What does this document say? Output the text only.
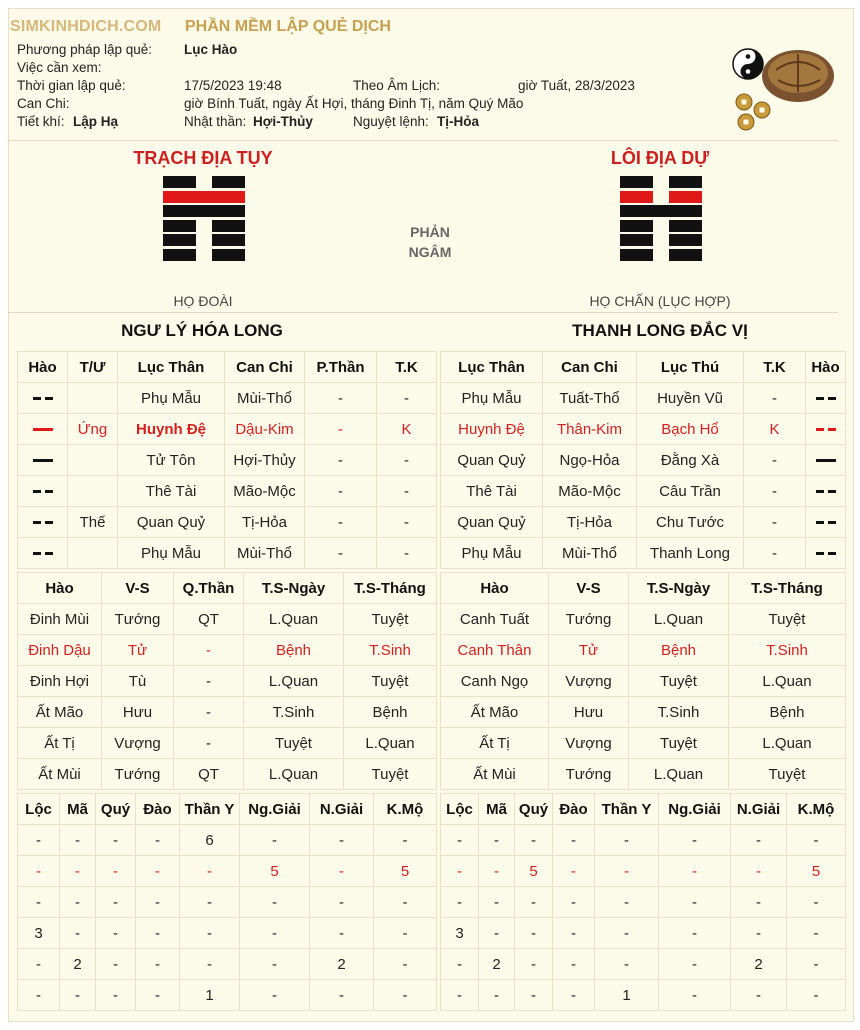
SIMKINHDICH.COM PHẦN MỀM LẬP QUẺ DỊCH
Phương pháp lập quẻ: Lục Hào
Việc cần xem:
Thời gian lập quẻ:	17/5/2023 19:48	Theo Âm Lịch:	giờ Tuất, 28/3/2023
Can Chi:	giờ Bính Tuất, ngày Ất Hợi, tháng Đinh Tị, năm Quý Mão
Tiết khí: Lập Hạ	Nhật thần: Hợi-Thủy	Nguyệt lệnh: Tị-Hỏa
TRẠCH ĐỊA TỤY	LÔI ĐỊA DỰ
PHẢN
NGÂM
HỌ ĐOÀI	HỌ CHẤN (LỤC HỢP)
NGƯ LÝ HÓA LONG	THANH LONG ĐẮC VỊ
Hào	T/Ư	Lục Thân	Can Chi	P.Thần	T.K
		Phụ Mẫu	Mùi-Thổ	-	-
	Ứng	Huynh Đệ	Dậu-Kim	-	K
		Tử Tôn	Hợi-Thủy	-	-
		Thê Tài	Mão-Mộc	-	-
	Thế	Quan Quỷ	Tị-Hỏa	-	-
		Phụ Mẫu	Mùi-Thổ	-	-
Lục Thân	Can Chi	Lục Thú	T.K	Hào
Phụ Mẫu	Tuất-Thổ	Huyền Vũ	-	
Huynh Đệ	Thân-Kim	Bạch Hổ	K	
Quan Quỷ	Ngọ-Hỏa	Đằng Xà	-	
Thê Tài	Mão-Mộc	Câu Trần	-	
Quan Quỷ	Tị-Hỏa	Chu Tước	-	
Phụ Mẫu	Mùi-Thổ	Thanh Long	-	
Hào	V-S	Q.Thần	T.S-Ngày	T.S-Tháng
Đinh Mùi	Tướng	QT	L.Quan	Tuyệt
Đinh Dậu	Tử	-	Bệnh	T.Sinh
Đinh Hợi	Tù	-	L.Quan	Tuyệt
Ất Mão	Hưu	-	T.Sinh	Bệnh
Ất Tị	Vượng	-	Tuyệt	L.Quan
Ất Mùi	Tướng	QT	L.Quan	Tuyệt
Hào	V-S	T.S-Ngày	T.S-Tháng
Canh Tuất	Tướng	L.Quan	Tuyệt
Canh Thân	Tử	Bệnh	T.Sinh
Canh Ngọ	Vượng	Tuyệt	L.Quan
Ất Mão	Hưu	T.Sinh	Bệnh
Ất Tị	Vượng	Tuyệt	L.Quan
Ất Mùi	Tướng	L.Quan	Tuyệt
Lộc	Mã	Quý	Đào	Thần Y	Ng.Giải	N.Giải	K.Mộ
-	-	-	-	6	-	-	-
-	-	-	-	-	5	-	5
-	-	-	-	-	-	-	-
3	-	-	-	-	-	-	-
-	2	-	-	-	-	2	-
-	-	-	-	1	-	-	-
Lộc	Mã	Quý	Đào	Thần Y	Ng.Giải	N.Giải	K.Mộ
-	-	-	-	-	-	-	-
-	-	5	-	-	-	-	5
-	-	-	-	-	-	-	-
3	-	-	-	-	-	-	-
-	2	-	-	-	-	2	-
-	-	-	-	1	-	-	-
